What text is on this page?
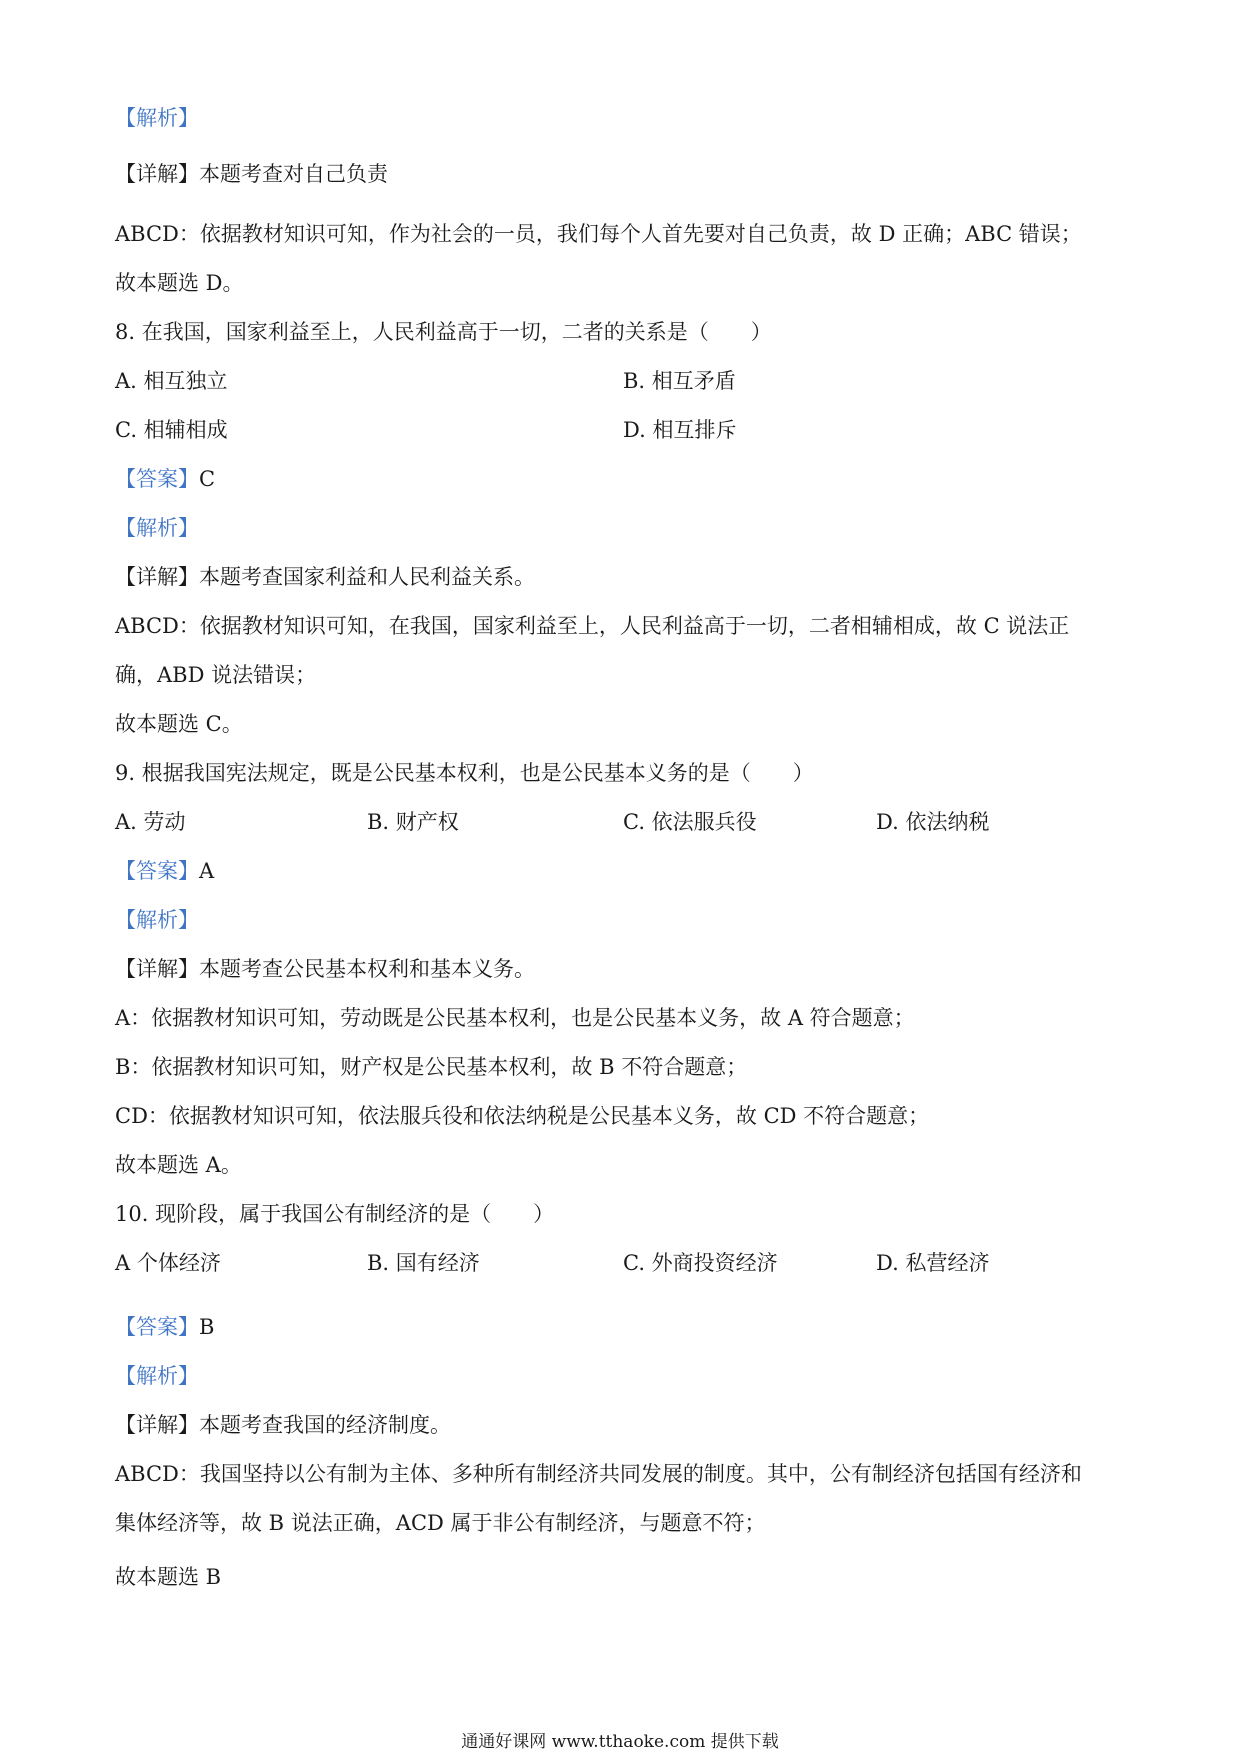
【解析】
【详解】本题考查对自己负责
ABCD：依据教材知识可知，作为社会的一员，我们每个人首先要对自己负责，故 D 正确；ABC 错误；
故本题选 D。
8. 在我国，国家利益至上，人民利益高于一切，二者的关系是（　　）
A. 相互独立	B. 相互矛盾
C. 相辅相成	D. 相互排斥
【答案】C
【解析】
【详解】本题考查国家利益和人民利益关系。
ABCD：依据教材知识可知，在我国，国家利益至上，人民利益高于一切，二者相辅相成，故 C 说法正
确，ABD 说法错误；
故本题选 C。
9. 根据我国宪法规定，既是公民基本权利，也是公民基本义务的是（　　）
A. 劳动	B. 财产权	C. 依法服兵役	D. 依法纳税
【答案】A
【解析】
【详解】本题考查公民基本权利和基本义务。
A：依据教材知识可知，劳动既是公民基本权利，也是公民基本义务，故 A 符合题意；
B：依据教材知识可知，财产权是公民基本权利，故 B 不符合题意；
CD：依据教材知识可知，依法服兵役和依法纳税是公民基本义务，故 CD 不符合题意；
故本题选 A。
10. 现阶段，属于我国公有制经济的是（　　）
A 个体经济	B. 国有经济	C. 外商投资经济	D. 私营经济
【答案】B
【解析】
【详解】本题考查我国的经济制度。
ABCD：我国坚持以公有制为主体、多种所有制经济共同发展的制度。其中，公有制经济包括国有经济和
集体经济等，故 B 说法正确，ACD 属于非公有制经济，与题意不符；
故本题选 B
通通好课网 www.tthaoke.com 提供下载
